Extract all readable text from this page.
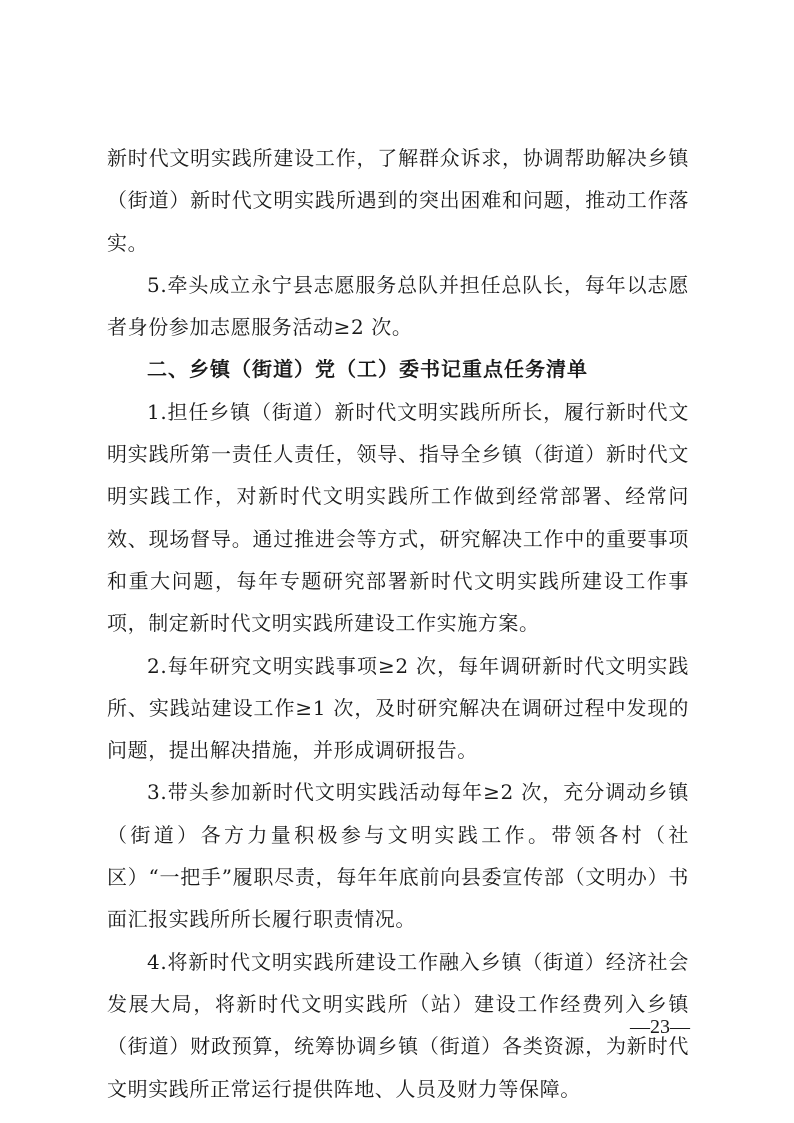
新时代文明实践所建设工作，了解群众诉求，协调帮助解决乡镇（街道）新时代文明实践所遇到的突出困难和问题，推动工作落实。

5.牵头成立永宁县志愿服务总队并担任总队长，每年以志愿者身份参加志愿服务活动≥2 次。

二、乡镇（街道）党（工）委书记重点任务清单

1.担任乡镇（街道）新时代文明实践所所长，履行新时代文明实践所第一责任人责任，领导、指导全乡镇（街道）新时代文明实践工作，对新时代文明实践所工作做到经常部署、经常问效、现场督导。通过推进会等方式，研究解决工作中的重要事项和重大问题，每年专题研究部署新时代文明实践所建设工作事项，制定新时代文明实践所建设工作实施方案。

2.每年研究文明实践事项≥2 次，每年调研新时代文明实践所、实践站建设工作≥1 次，及时研究解决在调研过程中发现的问题，提出解决措施，并形成调研报告。

3.带头参加新时代文明实践活动每年≥2 次，充分调动乡镇（街道）各方力量积极参与文明实践工作。带领各村（社区）“一把手”履职尽责，每年年底前向县委宣传部（文明办）书面汇报实践所所长履行职责情况。

4.将新时代文明实践所建设工作融入乡镇（街道）经济社会发展大局，将新时代文明实践所（站）建设工作经费列入乡镇（街道）财政预算，统筹协调乡镇（街道）各类资源，为新时代文明实践所正常运行提供阵地、人员及财力等保障。

—23—
